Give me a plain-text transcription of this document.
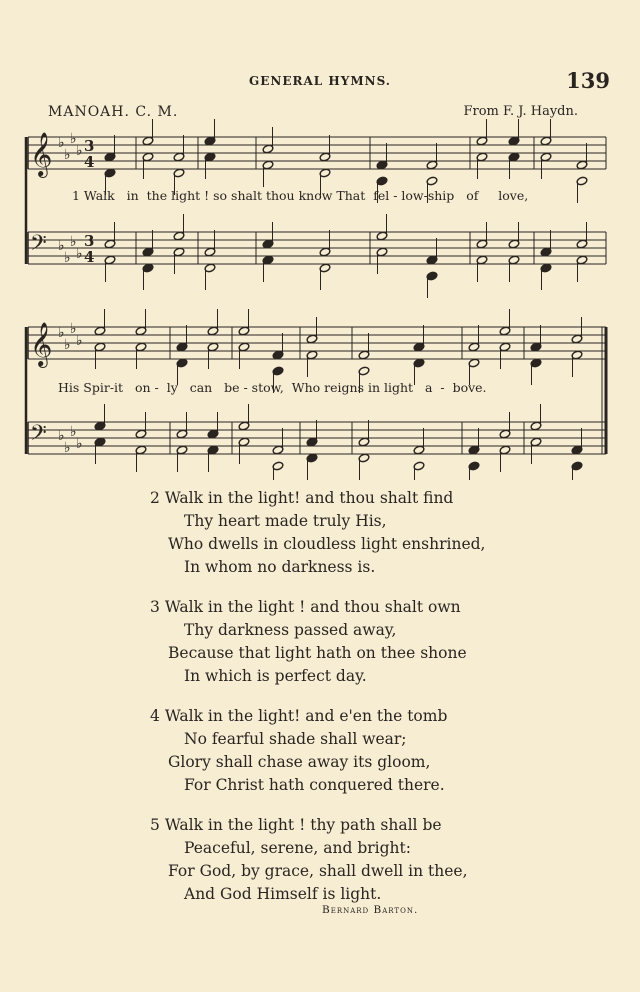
GENERAL HYMNS.	139
MANOAH. C. M.	From F. J. Haydn.
𝄞 ♭
♭
♭
♭ 3
4
𝄢 ♭
♭
♭
♭
3
4
𝄞 ♭
♭
♭
♭
𝄢 ♭
♭
♭
♭
1 Walk   in  the light ! so shalt thou know That  fel - low-ship   of     love,
His Spir-it   on -  ly   can   be - stow,  Who reigns in light   a  -  bove.
2 Walk in the light! and thou shalt find
Thy heart made truly His,
Who dwells in cloudless light enshrined,
In whom no darkness is.
3 Walk in the light ! and thou shalt own
Thy darkness passed away,
Because that light hath on thee shone
In which is perfect day.
4 Walk in the light! and e'en the tomb
No fearful shade shall wear;
Glory shall chase away its gloom,
For Christ hath conquered there.
5 Walk in the light ! thy path shall be
Peaceful, serene, and bright:
For God, by grace, shall dwell in thee,
And God Himself is light.
Bernard Barton.
